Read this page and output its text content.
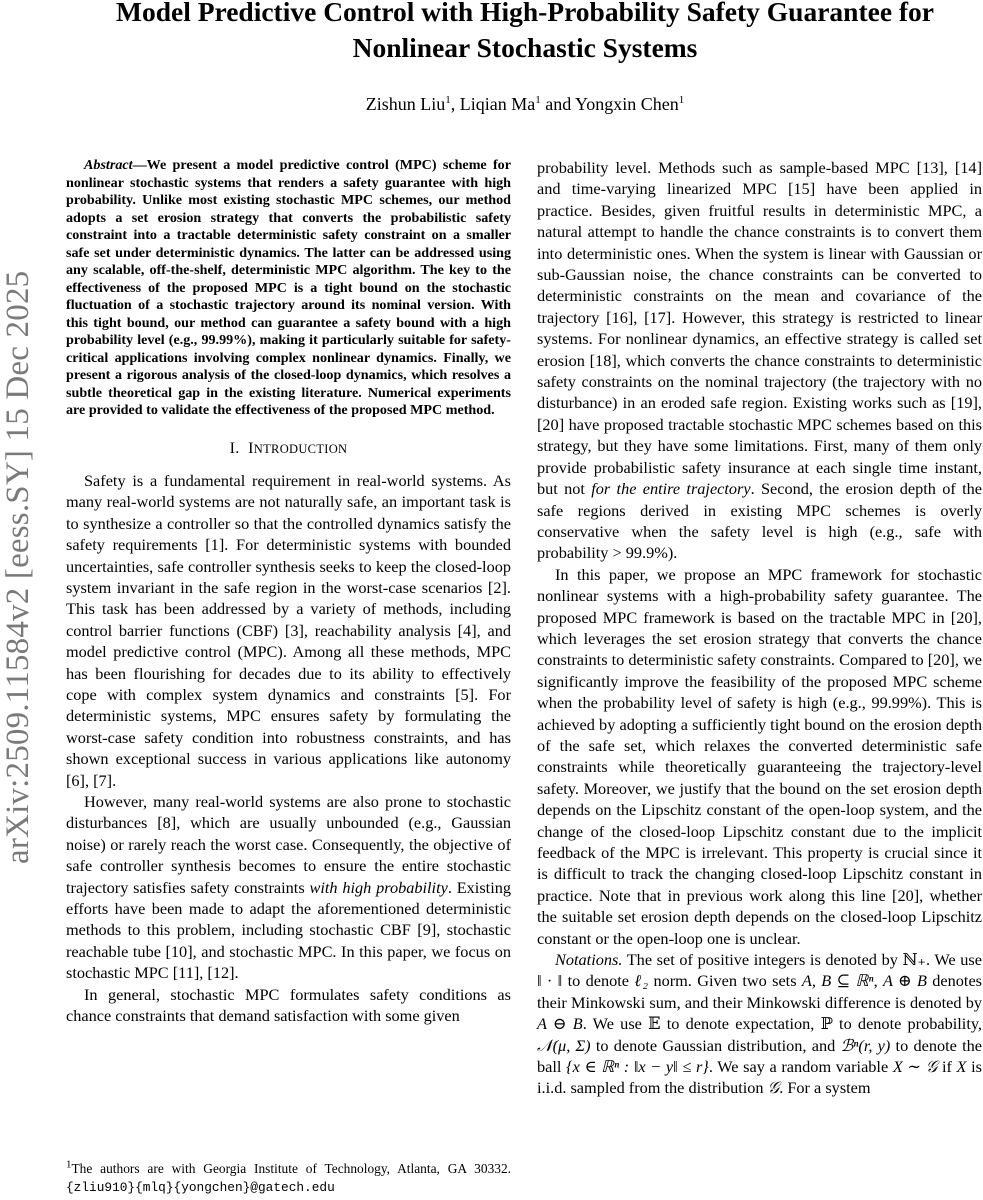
arXiv:2509.11584v2 [eess.SY] 15 Dec 2025
Model Predictive Control with High-Probability Safety Guarantee for Nonlinear Stochastic Systems
Zishun Liu$^1$, Liqian Ma$^1$ and Yongxin Chen$^1$

Abstract—We present a model predictive control (MPC) scheme for nonlinear stochastic systems that renders a safety guarantee with high probability. Unlike most existing stochastic MPC schemes, our method adopts a set erosion strategy that converts the probabilistic safety constraint into a tractable deterministic safety constraint on a smaller safe set under deterministic dynamics. The latter can be addressed using any scalable, off-the-shelf, deterministic MPC algorithm. The key to the effectiveness of the proposed MPC is a tight bound on the stochastic fluctuation of a stochastic trajectory around its nominal version. With this tight bound, our method can guarantee a safety bound with a high probability level (e.g., 99.99%), making it particularly suitable for safety-critical applications involving complex nonlinear dynamics. Finally, we present a rigorous analysis of the closed-loop dynamics, which resolves a subtle theoretical gap in the existing literature. Numerical experiments are provided to validate the effectiveness of the proposed MPC method.

I. INTRODUCTION

Safety is a fundamental requirement in real-world systems. As many real-world systems are not naturally safe, an important task is to synthesize a controller so that the controlled dynamics satisfy the safety requirements [1]. For deterministic systems with bounded uncertainties, safe controller synthesis seeks to keep the closed-loop system invariant in the safe region in the worst-case scenarios [2]. This task has been addressed by a variety of methods, including control barrier functions (CBF) [3], reachability analysis [4], and model predictive control (MPC). Among all these methods, MPC has been flourishing for decades due to its ability to effectively cope with complex system dynamics and constraints [5]. For deterministic systems, MPC ensures safety by formulating the worst-case safety condition into robustness constraints, and has shown exceptional success in various applications like autonomy [6], [7].

However, many real-world systems are also prone to stochastic disturbances [8], which are usually unbounded (e.g., Gaussian noise) or rarely reach the worst case. Consequently, the objective of safe controller synthesis becomes to ensure the entire stochastic trajectory satisfies safety constraints with high probability. Existing efforts have been made to adapt the aforementioned deterministic methods to this problem, including stochastic CBF [9], stochastic reachable tube [10], and stochastic MPC. In this paper, we focus on stochastic MPC [11], [12].

In general, stochastic MPC formulates safety conditions as chance constraints that demand satisfaction with some given

probability level. Methods such as sample-based MPC [13], [14] and time-varying linearized MPC [15] have been applied in practice. Besides, given fruitful results in deterministic MPC, a natural attempt to handle the chance constraints is to convert them into deterministic ones. When the system is linear with Gaussian or sub-Gaussian noise, the chance constraints can be converted to deterministic constraints on the mean and covariance of the trajectory [16], [17]. However, this strategy is restricted to linear systems. For nonlinear dynamics, an effective strategy is called set erosion [18], which converts the chance constraints to deterministic safety constraints on the nominal trajectory (the trajectory with no disturbance) in an eroded safe region. Existing works such as [19], [20] have proposed tractable stochastic MPC schemes based on this strategy, but they have some limitations. First, many of them only provide probabilistic safety insurance at each single time instant, but not for the entire trajectory. Second, the erosion depth of the safe regions derived in existing MPC schemes is overly conservative when the safety level is high (e.g., safe with probability > 99.9%).

In this paper, we propose an MPC framework for stochastic nonlinear systems with a high-probability safety guarantee. The proposed MPC framework is based on the tractable MPC in [20], which leverages the set erosion strategy that converts the chance constraints to deterministic safety constraints. Compared to [20], we significantly improve the feasibility of the proposed MPC scheme when the probability level of safety is high (e.g., 99.99%). This is achieved by adopting a sufficiently tight bound on the erosion depth of the safe set, which relaxes the converted deterministic safe constraints while theoretically guaranteeing the trajectory-level safety. Moreover, we justify that the bound on the set erosion depth depends on the Lipschitz constant of the open-loop system, and the change of the closed-loop Lipschitz constant due to the implicit feedback of the MPC is irrelevant. This property is crucial since it is difficult to track the changing closed-loop Lipschitz constant in practice. Note that in previous work along this line [20], whether the suitable set erosion depth depends on the closed-loop Lipschitz constant or the open-loop one is unclear.

Notations. The set of positive integers is denoted by ℕ₊. We use ‖ · ‖ to denote ℓ₂ norm. Given two sets A, B ⊆ ℝⁿ, A ⊕ B denotes their Minkowski sum, and their Minkowski difference is denoted by A ⊖ B. We use 𝔼 to denote expectation, ℙ to denote probability, 𝒩(μ, Σ) to denote Gaussian distribution, and ℬⁿ(r, y) to denote the ball {x ∈ ℝⁿ : ‖x − y‖ ≤ r}. We say a random variable X ∼ 𝒢 if X is i.i.d. sampled from the distribution 𝒢. For a system

$^1$The authors are with Georgia Institute of Technology, Atlanta, GA 30332. {zliu910}{mlq}{yongchen}@gatech.edu
